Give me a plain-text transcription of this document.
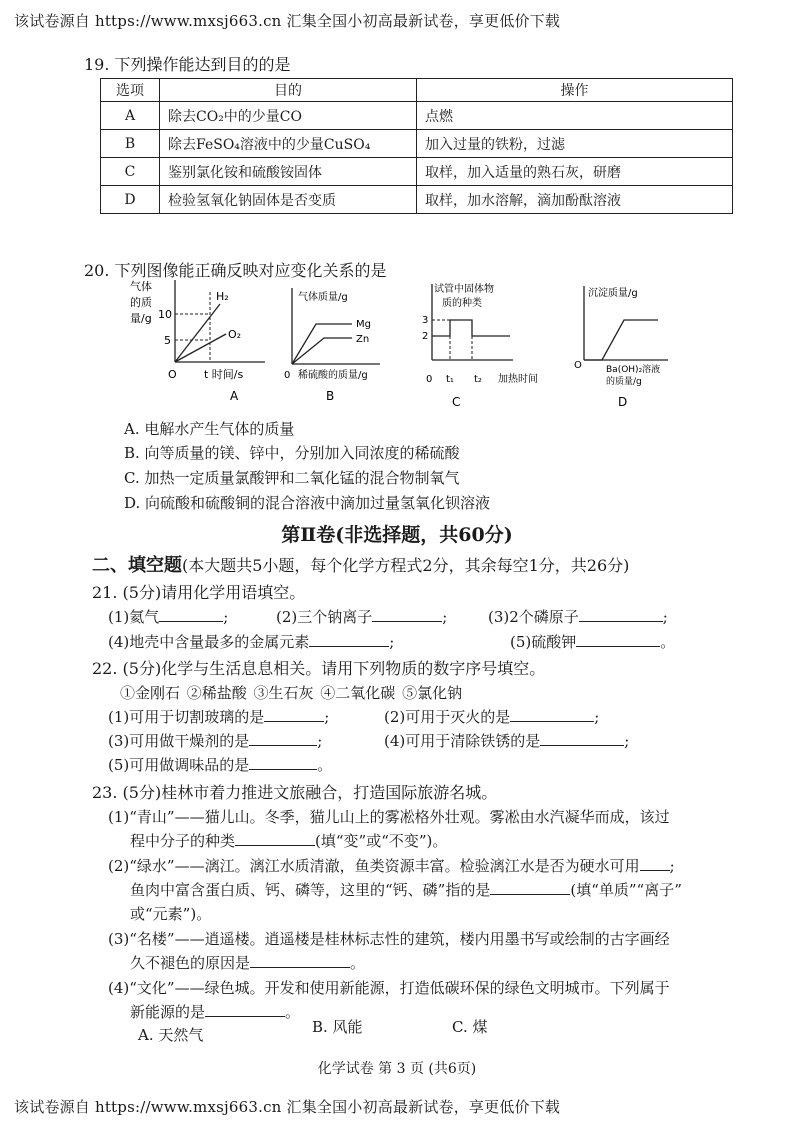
该试卷源自 https://www.mxsj663.cn 汇集全国小初高最新试卷，享更低价下载
19. 下列操作能达到目的的是
选项	目的	操作
A	除去CO₂中的少量CO	点燃
B	除去FeSO₄溶液中的少量CuSO₄	加入过量的铁粉，过滤
C	鉴别氯化铵和硫酸铵固体	取样，加入适量的熟石灰，研磨
D	检验氢氧化钠固体是否变质	取样，加水溶解，滴加酚酞溶液
20. 下列图像能正确反映对应变化关系的是
气体
的质
量/g 10
5
H₂
O₂
O t 时间/s
A
气体质量/g
Mg
Zn
0 稀硫酸的质量/g
B
试管中固体物
质的种类
3
2
0 t₁ t₂ 加热时间
C
沉淀质量/g
O	Ba(OH)₂溶液
的质量/g
D
A. 电解水产生气体的质量
B. 向等质量的镁、锌中，分别加入同浓度的稀硫酸
C. 加热一定质量氯酸钾和二氧化锰的混合物制氧气
D. 向硫酸和硫酸铜的混合溶液中滴加过量氢氧化钡溶液
第Ⅱ卷(非选择题，共60分)
二、填空题(本大题共5小题，每个化学方程式2分，其余每空1分，共26分)
21. (5分)请用化学用语填空。
(1)氦气	;	(2)三个钠离子	;	(3)2个磷原子	;
(4)地壳中含量最多的金属元素	;	(5)硫酸钾	。
22. (5分)化学与生活息息相关。请用下列物质的数字序号填空。
①金刚石 ②稀盐酸 ③生石灰 ④二氧化碳 ⑤氯化钠
(1)可用于切割玻璃的是	;	(2)可用于灭火的是	;
(3)可用做干燥剂的是	;	(4)可用于清除铁锈的是	;
(5)可用做调味品的是	。
23. (5分)桂林市着力推进文旅融合，打造国际旅游名城。
(1)“青山”——猫儿山。冬季，猫儿山上的雾凇格外壮观。雾凇由水汽凝华而成，该过
程中分子的种类	(填“变”或“不变”)。
(2)“绿水”——漓江。漓江水质清澈，鱼类资源丰富。检验漓江水是否为硬水可用 ;
鱼肉中富含蛋白质、钙、磷等，这里的“钙、磷”指的是	(填“单质”“离子”
或“元素”)。
(3)“名楼”——逍遥楼。逍遥楼是桂林标志性的建筑，楼内用墨书写或绘制的古字画经
久不褪色的原因是	。
(4)“文化”——绿色城。开发和使用新能源，打造低碳环保的绿色文明城市。下列属于
新能源的是	。
A. 天然气	B. 风能	C. 煤
化学试卷 第 3 页 (共6页)
该试卷源自 https://www.mxsj663.cn 汇集全国小初高最新试卷，享更低价下载
